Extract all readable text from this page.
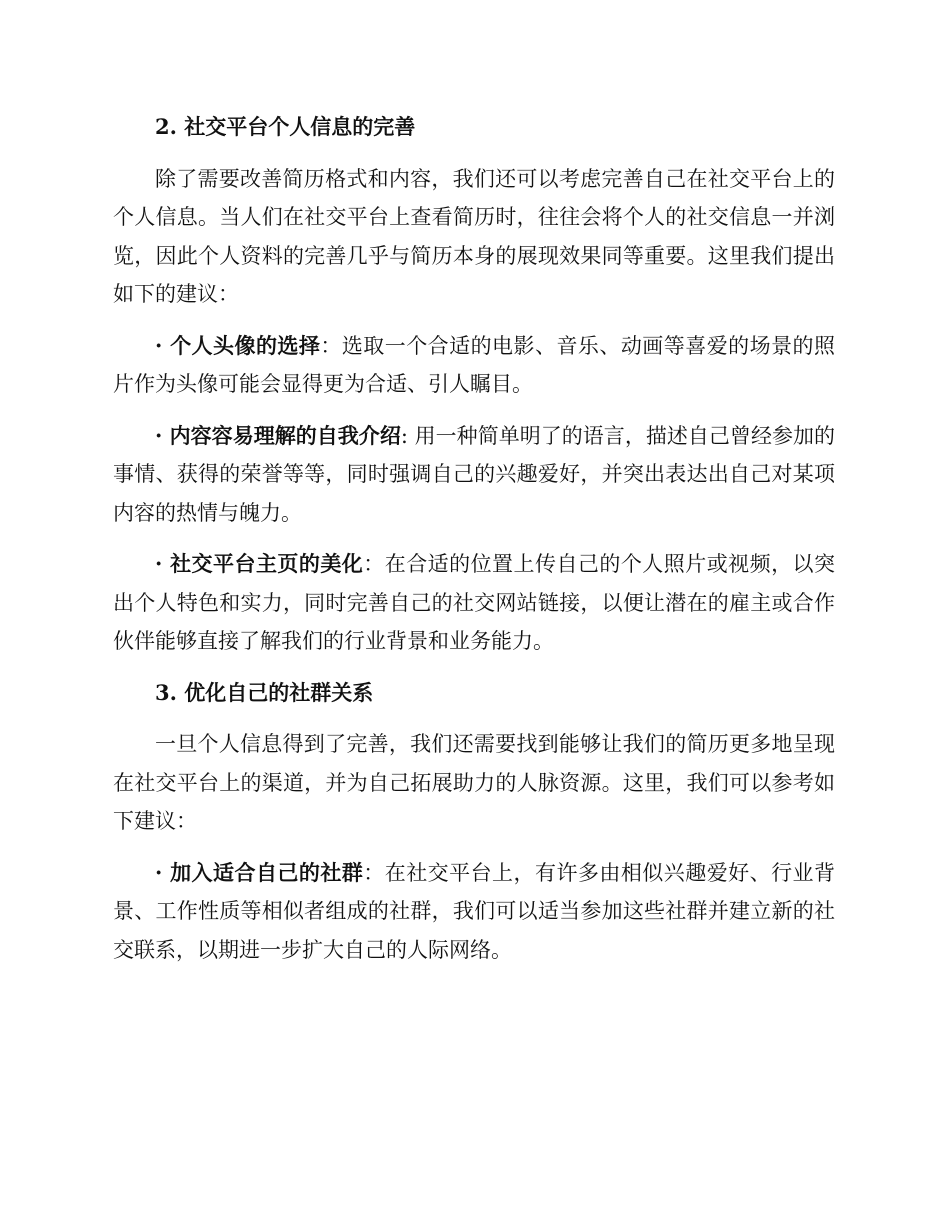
2. 社交平台个人信息的完善

除了需要改善简历格式和内容，我们还可以考虑完善自己在社交平台上的个人信息。当人们在社交平台上查看简历时，往往会将个人的社交信息一并浏览，因此个人资料的完善几乎与简历本身的展现效果同等重要。这里我们提出如下的建议：

· 个人头像的选择：选取一个合适的电影、音乐、动画等喜爱的场景的照片作为头像可能会显得更为合适、引人瞩目。

· 内容容易理解的自我介绍: 用一种简单明了的语言，描述自己曾经参加的事情、获得的荣誉等等，同时强调自己的兴趣爱好，并突出表达出自己对某项内容的热情与魄力。

· 社交平台主页的美化：在合适的位置上传自己的个人照片或视频，以突出个人特色和实力，同时完善自己的社交网站链接，以便让潜在的雇主或合作伙伴能够直接了解我们的行业背景和业务能力。

3. 优化自己的社群关系

一旦个人信息得到了完善，我们还需要找到能够让我们的简历更多地呈现在社交平台上的渠道，并为自己拓展助力的人脉资源。这里，我们可以参考如下建议：

· 加入适合自己的社群：在社交平台上，有许多由相似兴趣爱好、行业背景、工作性质等相似者组成的社群，我们可以适当参加这些社群并建立新的社交联系，以期进一步扩大自己的人际网络。
